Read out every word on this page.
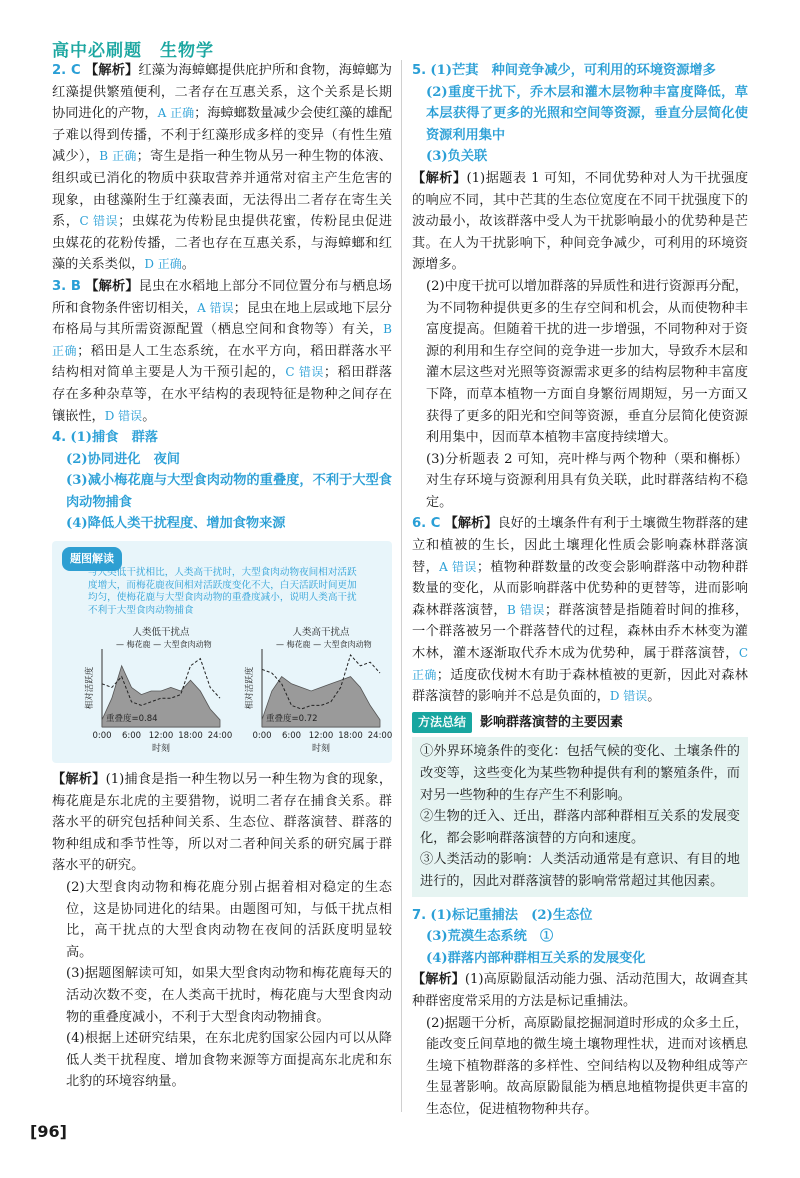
高中必刷题 生物学

2. C 【解析】红藻为海蟑螂提供庇护所和食物，海蟑螂为红藻提供繁殖便利，二者存在互惠关系，这个关系是长期协同进化的产物，A 正确；海蟑螂数量减少会使红藻的雄配子难以得到传播，不利于红藻形成多样的变异（有性生殖减少），B 正确；寄生是指一种生物从另一种生物的体液、组织或已消化的物质中获取营养并通常对宿主产生危害的现象，由毬藻附生于红藻表面，无法得出二者存在寄生关系，C 错误；虫媒花为传粉昆虫提供花蜜，传粉昆虫促进虫媒花的花粉传播，二者也存在互惠关系，与海蟑螂和红藻的关系类似，D 正确。

3. B 【解析】昆虫在水稻地上部分不同位置分布与栖息场所和食物条件密切相关，A 错误；昆虫在地上层或地下层分布格局与其所需资源配置（栖息空间和食物等）有关，B 正确；稻田是人工生态系统，在水平方向，稻田群落水平结构相对简单主要是人为干预引起的，C 错误；稻田群落存在多种杂草等，在水平结构的表现特征是物种之间存在镶嵌性，D 错误。

4. (1)捕食　群落

(2)协同进化　夜间

(3)减小梅花鹿与大型食肉动物的重叠度，不利于大型食肉动物捕食

(4)降低人类干扰程度、增加食物来源

题图解读
与人类低干扰相比，人类高干扰时，大型食肉动物夜间相对活跃度增大，而梅花鹿夜间相对活跃度变化不大，白天活跃时间更加均匀，使梅花鹿与大型食肉动物的重叠度减小，说明人类高干扰不利于大型食肉动物捕食
0:00 6:00 12:00 18:00 24:00
时刻
相对活跃度
重叠度=0.84
人类低干扰点
— 梅花鹿 — 大型食肉动物
0:00 6:00 12:00 18:00 24:00
时刻
相对活跃度
重叠度=0.72
人类高干扰点
— 梅花鹿 — 大型食肉动物

【解析】(1)捕食是指一种生物以另一种生物为食的现象，梅花鹿是东北虎的主要猎物，说明二者存在捕食关系。群落水平的研究包括种间关系、生态位、群落演替、群落的物种组成和季节性等，所以对二者种间关系的研究属于群落水平的研究。

(2)大型食肉动物和梅花鹿分别占据着相对稳定的生态位，这是协同进化的结果。由题图可知，与低干扰点相比，高干扰点的大型食肉动物在夜间的活跃度明显较高。

(3)据题图解读可知，如果大型食肉动物和梅花鹿每天的活动次数不变，在人类高干扰时，梅花鹿与大型食肉动物的重叠度减小，不利于大型食肉动物捕食。

(4)根据上述研究结果，在东北虎豹国家公园内可以从降低人类干扰程度、增加食物来源等方面提高东北虎和东北豹的环境容纳量。

5. (1)芒萁　种间竞争减少，可利用的环境资源增多

(2)重度干扰下，乔木层和灌木层物种丰富度降低，草本层获得了更多的光照和空间等资源，垂直分层简化使资源利用集中

(3)负关联

【解析】(1)据题表 1 可知，不同优势种对人为干扰强度的响应不同，其中芒萁的生态位宽度在不同干扰强度下的波动最小，故该群落中受人为干扰影响最小的优势种是芒萁。在人为干扰影响下，种间竞争减少，可利用的环境资源增多。

(2)中度干扰可以增加群落的异质性和进行资源再分配，为不同物种提供更多的生存空间和机会，从而使物种丰富度提高。但随着干扰的进一步增强，不同物种对于资源的利用和生存空间的竞争进一步加大，导致乔木层和灌木层这些对光照等资源需求更多的结构层物种丰富度下降，而草本植物一方面自身繁衍周期短，另一方面又获得了更多的阳光和空间等资源，垂直分层简化使资源利用集中，因而草本植物丰富度持续增大。

(3)分析题表 2 可知，亮叶桦与两个物种（栗和槲栎）对生存环境与资源利用具有负关联，此时群落结构不稳定。

6. C 【解析】良好的土壤条件有利于土壤微生物群落的建立和植被的生长，因此土壤理化性质会影响森林群落演替，A 错误；植物种群数量的改变会影响群落中动物种群数量的变化，从而影响群落中优势种的更替等，进而影响森林群落演替，B 错误；群落演替是指随着时间的推移，一个群落被另一个群落替代的过程，森林由乔木林变为灌木林，灌木逐渐取代乔木成为优势种，属于群落演替，C 正确；适度砍伐树木有助于森林植被的更新，因此对森林群落演替的影响并不总是负面的，D 错误。

方法总结	影响群落演替的主要因素

①外界环境条件的变化：包括气候的变化、土壤条件的改变等，这些变化为某些物种提供有利的繁殖条件，而对另一些物种的生存产生不利影响。

②生物的迁入、迁出，群落内部种群相互关系的发展变化，都会影响群落演替的方向和速度。

③人类活动的影响：人类活动通常是有意识、有目的地进行的，因此对群落演替的影响常常超过其他因素。

7. (1)标记重捕法　(2)生态位

(3)荒漠生态系统　①

(4)群落内部种群相互关系的发展变化

【解析】(1)高原鼢鼠活动能力强、活动范围大，故调查其种群密度常采用的方法是标记重捕法。

(2)据题干分析，高原鼢鼠挖掘洞道时形成的众多土丘，能改变丘间草地的微生境土壤物理性状，进而对该栖息生境下植物群落的多样性、空间结构以及物种组成等产生显著影响。故高原鼢鼠能为栖息地植物提供更丰富的生态位，促进植物物种共存。

[96]
